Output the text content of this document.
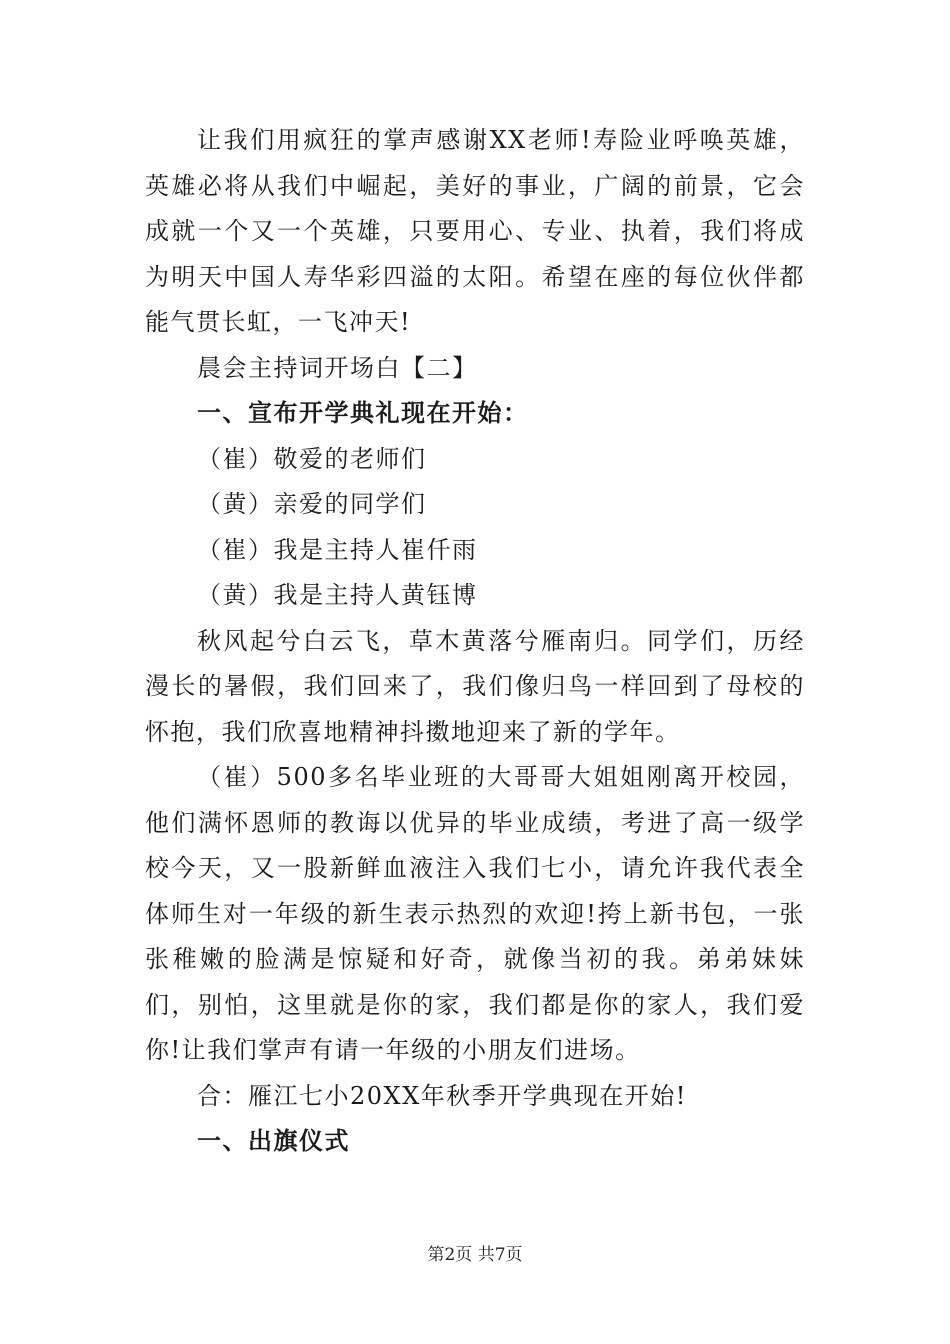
让我们用疯狂的掌声感谢XX老师!寿险业呼唤英雄，英雄必将从我们中崛起，美好的事业，广阔的前景，它会成就一个又一个英雄，只要用心、专业、执着，我们将成为明天中国人寿华彩四溢的太阳。希望在座的每位伙伴都能气贯长虹，一飞冲天!

晨会主持词开场白【二】

一、宣布开学典礼现在开始：

（崔）敬爱的老师们

（黄）亲爱的同学们

（崔）我是主持人崔仟雨

（黄）我是主持人黄钰博

秋风起兮白云飞，草木黄落兮雁南归。同学们，历经漫长的暑假，我们回来了，我们像归鸟一样回到了母校的怀抱，我们欣喜地精神抖擞地迎来了新的学年。

（崔）500多名毕业班的大哥哥大姐姐刚离开校园，他们满怀恩师的教诲以优异的毕业成绩，考进了高一级学校今天，又一股新鲜血液注入我们七小，请允许我代表全体师生对一年级的新生表示热烈的欢迎!挎上新书包，一张张稚嫩的脸满是惊疑和好奇，就像当初的我。弟弟妹妹们，别怕，这里就是你的家，我们都是你的家人，我们爱你!让我们掌声有请一年级的小朋友们进场。

合：雁江七小20XX年秋季开学典现在开始!

一、出旗仪式

第2页 共7页
